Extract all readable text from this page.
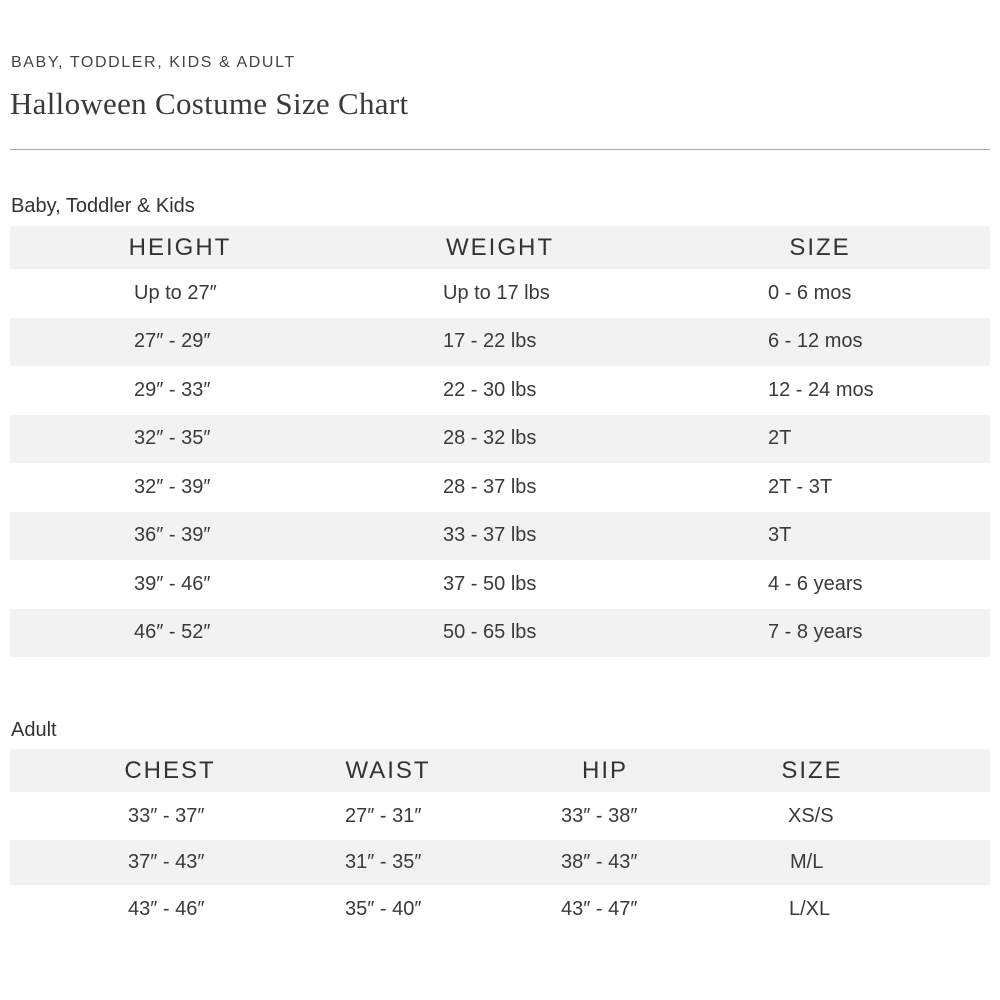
BABY, TODDLER, KIDS & ADULT
Halloween Costume Size Chart
Baby, Toddler & Kids
HEIGHT	WEIGHT	SIZE
Up to 27″	Up to 17 lbs	0 - 6 mos
27″ - 29″	17 - 22 lbs	6 - 12 mos
29″ - 33″	22 - 30 lbs	12 - 24 mos
32″ - 35″	28 - 32 lbs	2T
32″ - 39″	28 - 37 lbs	2T - 3T
36″ - 39″	33 - 37 lbs	3T
39″ - 46″	37 - 50 lbs	4 - 6 years
46″ - 52″	50 - 65 lbs	7 - 8 years
Adult
CHEST	WAIST	HIP	SIZE
33″ - 37″	27″ - 31″	33″ - 38″	XS/S
37″ - 43″	31″ - 35″	38″ - 43″	M/L
43″ - 46″	35″ - 40″	43″ - 47″	L/XL
